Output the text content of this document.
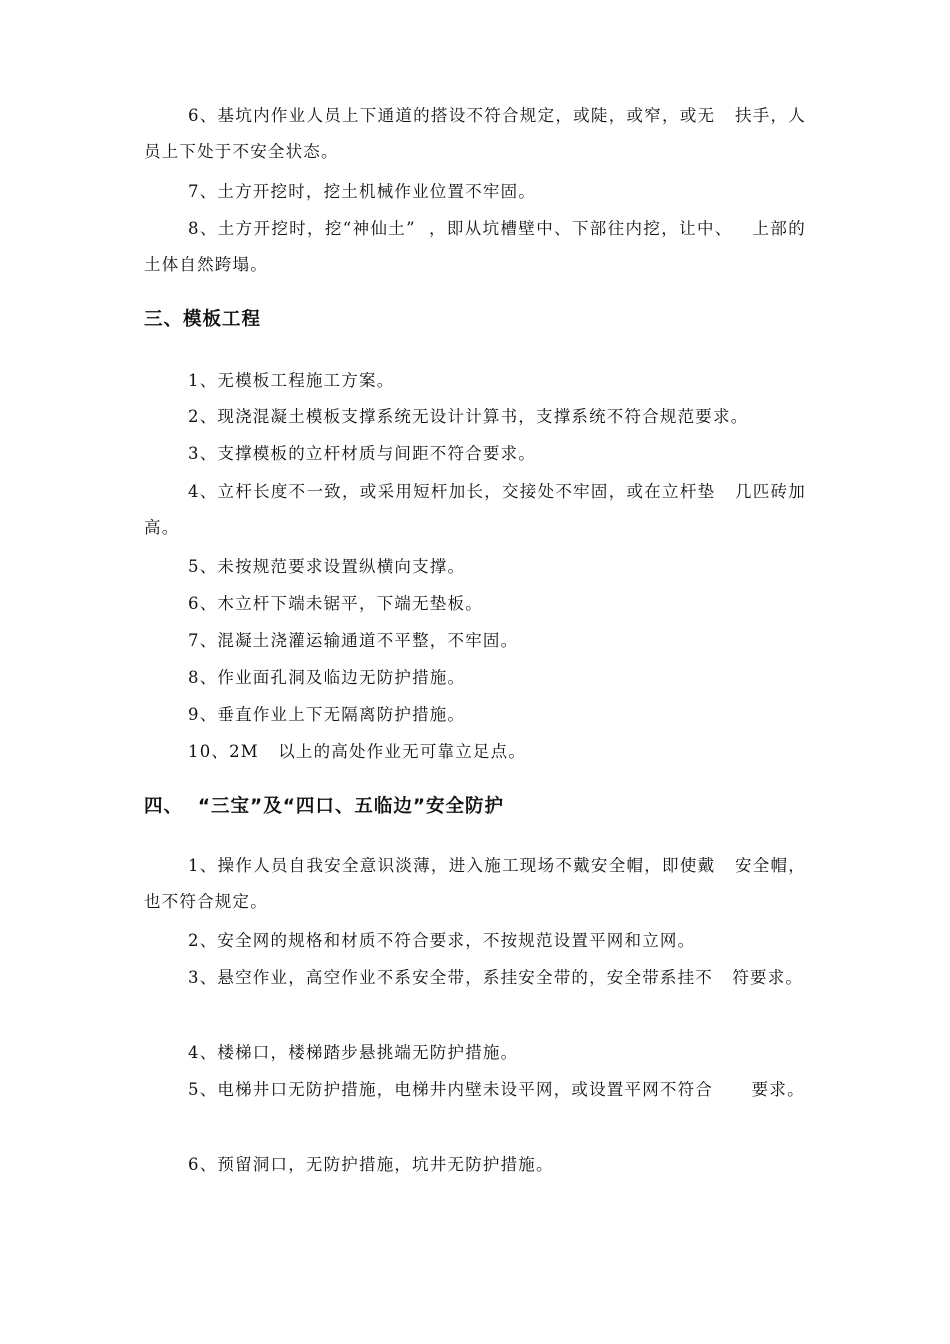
6、基坑内作业人员上下通道的搭设不符合规定，或陡，或窄，或无   扶手，人员上下处于不安全状态。

7、土方开挖时，挖土机械作业位置不牢固。

8、土方开挖时，挖“神仙土”  ，即从坑槽壁中、下部往内挖，让中、   上部的土体自然跨塌。

三、模板工程

1、无模板工程施工方案。

2、现浇混凝土模板支撑系统无设计计算书，支撑系统不符合规范要求。

3、支撑模板的立杆材质与间距不符合要求。

4、立杆长度不一致，或采用短杆加长，交接处不牢固，或在立杆垫   几匹砖加高。

5、未按规范要求设置纵横向支撑。

6、木立杆下端未锯平，下端无垫板。

7、混凝土浇灌运输通道不平整，不牢固。

8、作业面孔洞及临边无防护措施。

9、垂直作业上下无隔离防护措施。

10、2M   以上的高处作业无可靠立足点。

四、  “三宝”及“四口、五临边”安全防护

1、操作人员自我安全意识淡薄，进入施工现场不戴安全帽，即使戴   安全帽，也不符合规定。

2、安全网的规格和材质不符合要求，不按规范设置平网和立网。

3、悬空作业，高空作业不系安全带，系挂安全带的，安全带系挂不   符要求。

4、楼梯口，楼梯踏步悬挑端无防护措施。

5、电梯井口无防护措施，电梯井内壁未设平网，或设置平网不符合      要求。

6、预留洞口，无防护措施，坑井无防护措施。
